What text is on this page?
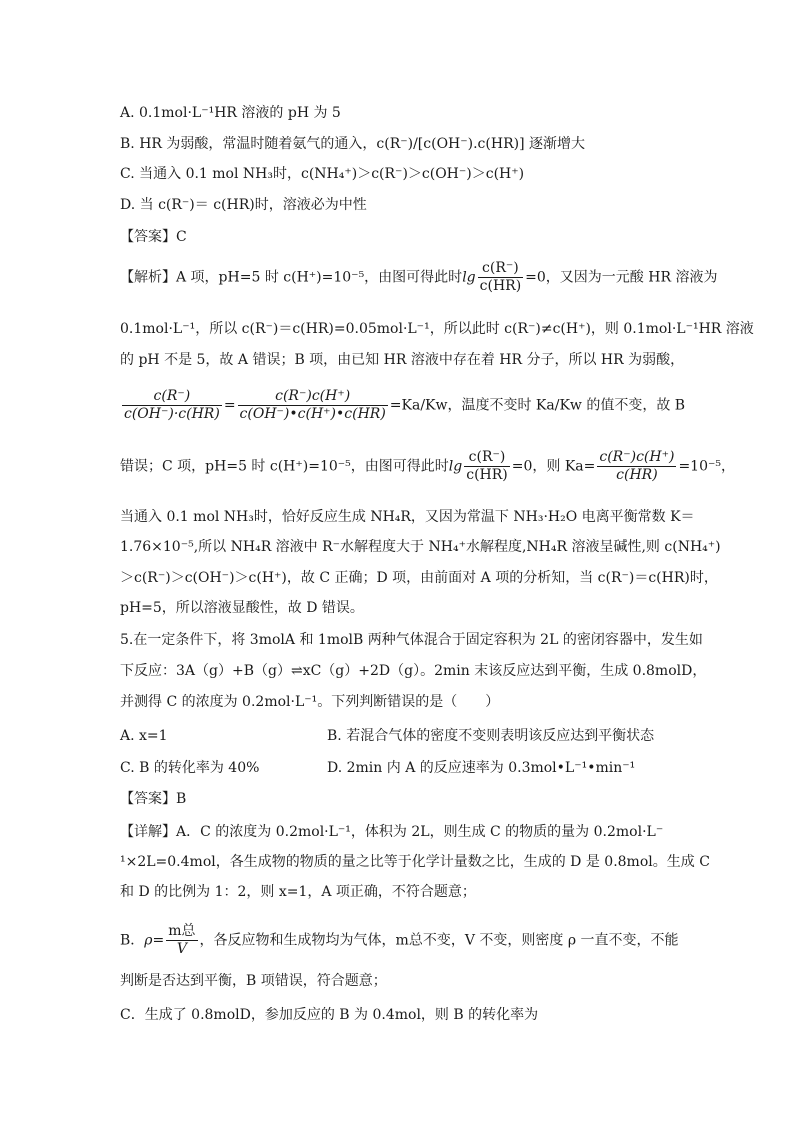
A. 0.1mol·L⁻¹HR 溶液的 pH 为 5
B. HR 为弱酸，常温时随着氨气的通入，c(R⁻)/[c(OH⁻).c(HR)] 逐渐增大
C. 当通入 0.1 mol NH₃时，c(NH₄⁺)＞c(R⁻)＞c(OH⁻)＞c(H⁺)
D. 当 c(R⁻)＝ c(HR)时，溶液必为中性
【答案】C
【解析】A 项，pH=5 时 c(H⁺)=10⁻⁵，由图可得此时$\lg \frac{c(R^-)}{c(HR)} =0$，又因为一元酸 HR 溶液为
0.1mol·L⁻¹，所以 c(R⁻)＝c(HR)=0.05mol·L⁻¹，所以此时 c(R⁻)≠c(H⁺)，则 0.1mol·L⁻¹HR 溶液
的 pH 不是 5，故 A 错误；B 项，由已知 HR 溶液中存在着 HR 分子，所以 HR 为弱酸，
$\frac{c(R^-)}{c(OH^-)\cdot c(HR)} = \frac{c(R^-)c(H^+)}{c(OH^-)•c(H^+)•c(HR)} =Ka/Kw$，温度不变时 Ka/Kw 的值不变，故 B
错误；C 项，pH=5 时 c(H⁺)=10⁻⁵，由图可得此时$\lg \frac{c(R^-)}{c(HR)} =0$，则 $Ka= \frac{c(R^-)c(H^+)}{c(HR)} =10^{-5}$，
当通入 0.1 mol NH₃时，恰好反应生成 NH₄R，又因为常温下 NH₃·H₂O 电离平衡常数 K＝
1.76×10⁻⁵,所以 NH₄R 溶液中 R⁻水解程度大于 NH₄⁺水解程度,NH₄R 溶液呈碱性,则 c(NH₄⁺)
＞c(R⁻)＞c(OH⁻)＞c(H⁺)，故 C 正确；D 项，由前面对 A 项的分析知，当 c(R⁻)＝c(HR)时，
pH=5，所以溶液显酸性，故 D 错误。
5.在一定条件下，将 3molA 和 1molB 两种气体混合于固定容积为 2L 的密闭容器中，发生如
下反应：3A（g）+B（g）⇌xC（g）+2D（g）。2min 末该反应达到平衡，生成 0.8molD，
并测得 C 的浓度为 0.2mol·L⁻¹。下列判断错误的是（　　）
A. x=1	B. 若混合气体的密度不变则表明该反应达到平衡状态
C. B 的转化率为 40%	D. 2min 内 A 的反应速率为 0.3mol•L⁻¹•min⁻¹
【答案】B
【详解】A．C 的浓度为 0.2mol·L⁻¹，体积为 2L，则生成 C 的物质的量为 0.2mol·L⁻
¹×2L=0.4mol，各生成物的物质的量之比等于化学计量数之比，生成的 D 是 0.8mol。生成 C
和 D 的比例为 1：2，则 x=1，A 项正确，不符合题意；
B．$\rho= \frac{\text{m总}}{V}$ ，各反应物和生成物均为气体，m总不变，V 不变，则密度 ρ 一直不变，不能
判断是否达到平衡，B 项错误，符合题意；
C．生成了 0.8molD，参加反应的 B 为 0.4mol，则 B 的转化率为
